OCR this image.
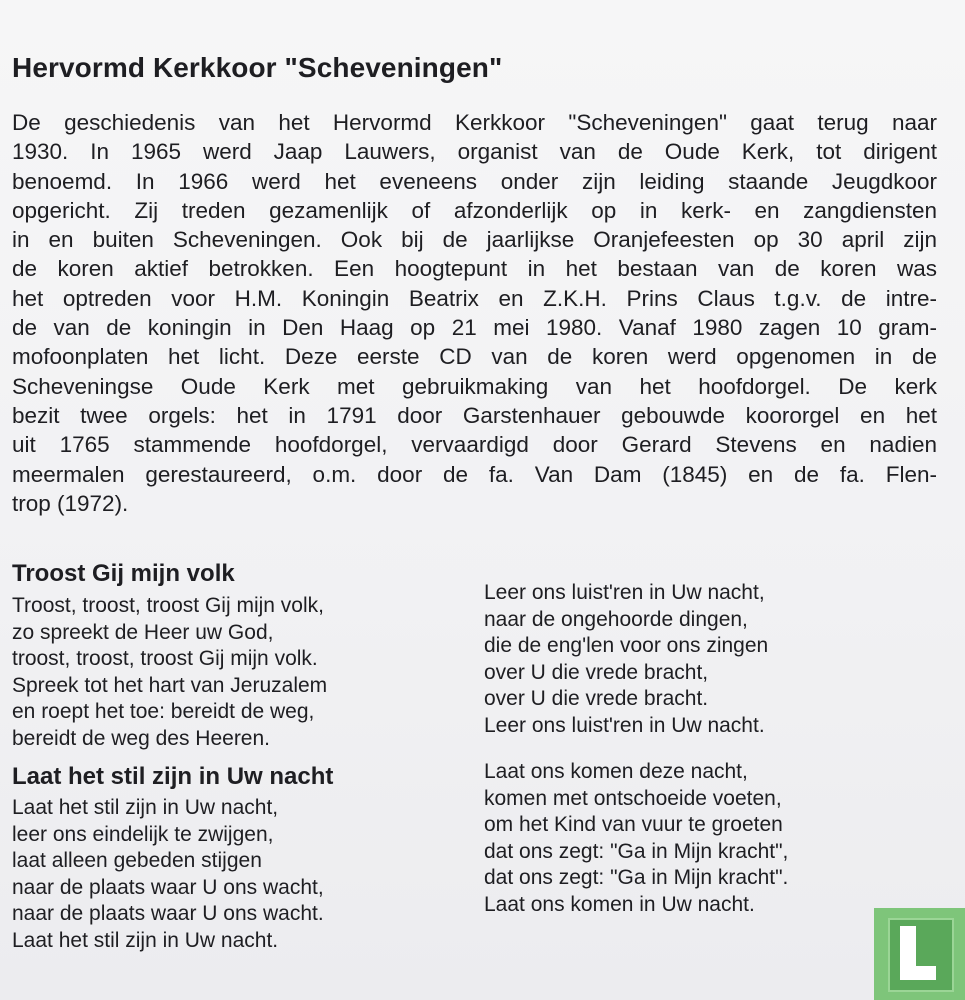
Hervormd Kerkkoor "Scheveningen"
De geschiedenis van het Hervormd Kerkkoor "Scheveningen" gaat terug naar
1930. In 1965 werd Jaap Lauwers, organist van de Oude Kerk, tot dirigent
benoemd. In 1966 werd het eveneens onder zijn leiding staande Jeugdkoor
opgericht. Zij treden gezamenlijk of afzonderlijk op in kerk- en zangdiensten
in en buiten Scheveningen. Ook bij de jaarlijkse Oranjefeesten op 30 april zijn
de koren aktief betrokken. Een hoogtepunt in het bestaan van de koren was
het optreden voor H.M. Koningin Beatrix en Z.K.H. Prins Claus t.g.v. de intre-
de van de koningin in Den Haag op 21 mei 1980. Vanaf 1980 zagen 10 gram-
mofoonplaten het licht. Deze eerste CD van de koren werd opgenomen in de
Scheveningse Oude Kerk met gebruikmaking van het hoofdorgel. De kerk
bezit twee orgels: het in 1791 door Garstenhauer gebouwde koororgel en het
uit 1765 stammende hoofdorgel, vervaardigd door Gerard Stevens en nadien
meermalen gerestaureerd, o.m. door de fa. Van Dam (1845) en de fa. Flen-
trop (1972).
Troost Gij mijn volk
Troost, troost, troost Gij mijn volk,
zo spreekt de Heer uw God,
troost, troost, troost Gij mijn volk.
Spreek tot het hart van Jeruzalem
en roept het toe: bereidt de weg,
bereidt de weg des Heeren.
Laat het stil zijn in Uw nacht
Laat het stil zijn in Uw nacht,
leer ons eindelijk te zwijgen,
laat alleen gebeden stijgen
naar de plaats waar U ons wacht,
naar de plaats waar U ons wacht.
Laat het stil zijn in Uw nacht.
Leer ons luist'ren in Uw nacht,
naar de ongehoorde dingen,
die de eng'len voor ons zingen
over U die vrede bracht,
over U die vrede bracht.
Leer ons luist'ren in Uw nacht.
Laat ons komen deze nacht,
komen met ontschoeide voeten,
om het Kind van vuur te groeten
dat ons zegt: "Ga in Mijn kracht",
dat ons zegt: "Ga in Mijn kracht".
Laat ons komen in Uw nacht.
